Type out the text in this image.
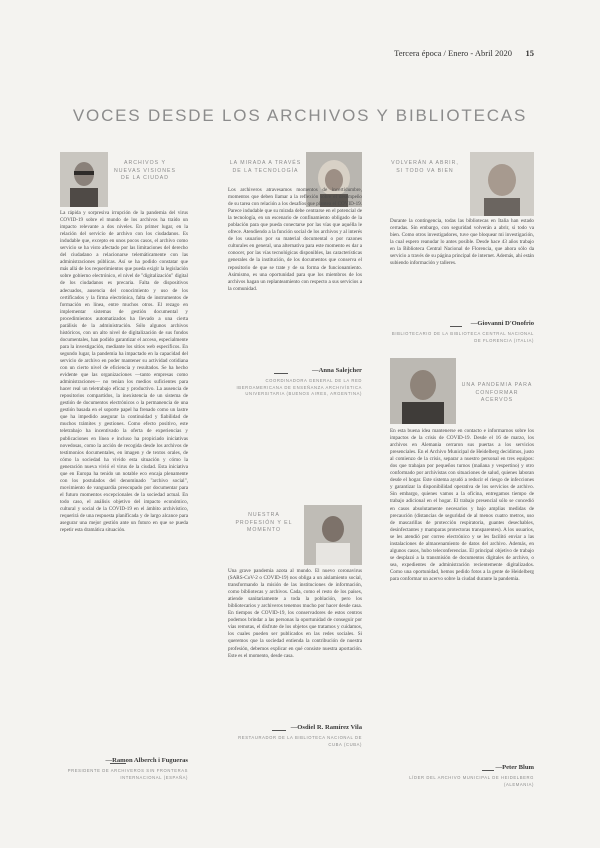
Tercera época / Enero - Abril 2020 15
VOCES DESDE LOS ARCHIVOS Y BIBLIOTECAS
ARCHIVOS Y NUEVAS VISIONES DE LA CIUDAD
La rápida y sorpresiva irrupción de la pandemia del virus COVID-19 sobre el mundo de los archivos ha traído un impacto relevante a dos niveles. En primer lugar, en la relación del servicio de archivo con los ciudadanos. Es indudable que, excepto en unos pocos casos, el archivo como servicio se ha visto afectado por las limitaciones del derecho del ciudadano a relacionarse telemáticamente con las administraciones públicas. Así se ha podido constatar que más allá de los requerimientos que pueda exigir la legislación sobre gobierno electrónico, el nivel de "digitalización" digital de los ciudadanos es precaria. Falta de dispositivos adecuados, ausencia del conocimiento y uso de los certificados y la firma electrónica, falta de instrumentos de formación en línea, entre muchos otros. El rezago en implementar sistemas de gestión documental y procedimientos automatizados ha llevado a una cierta parálisis de la administración. Sólo algunos archivos históricos, con un alto nivel de digitalización de sus fondos documentales, han podido garantizar el acceso, especialmente para la investigación, mediante los sitios web específicos. En segundo lugar, la pandemia ha impactado en la capacidad del servicio de archivo en poder mantener su actividad cotidiana con un cierto nivel de eficiencia y resultados. Se ha hecho evidente que las organizaciones —tanto empresas como administraciones— no tenían los medios suficientes para hacer real un teletrabajo eficaz y productivo. La ausencia de repositorios compartidos, la inexistencia de un sistema de gestión de documentos electrónicos o la permanencia de una gestión basada en el soporte papel ha frenado como un lastre que ha impedido asegurar la continuidad y fiabilidad de muchos trámites y gestiones. Como efecto positivo, este teletrabajo ha incentivado la oferta de experiencias y publicaciones en línea e incluso ha propiciado iniciativas novedosas, como la acción de recogida desde los archivos de testimonios documentales, en imagen y de textos orales, de cómo la sociedad ha vivido esta situación y cómo la generación nueva vivió el virus de la ciudad. Esta iniciativa que en Europa ha tenido un notable eco encaja plenamente con los postulados del denominado "archivo social", movimiento de vanguardia preocupado por documentar para el futuro momentos excepcionales de la sociedad actual. En todo caso, el análisis objetivo del impacto económico, cultural y social de la COVID-19 en el ámbito archivístico, requerirá de una respuesta planificada y de largo alcance para asegurar una mejor gestión ante un futuro en que se pueda repetir esta dramática situación.
—Ramon Alberch i Fugueras
PRESIDENTE DE ARCHIVEROS SIN FRONTERAS INTERNACIONAL (ESPAÑA)
LA MIRADA A TRAVÉS DE LA TECNOLOGÍA
Los archiveros atravesamos momentos de incertidumbre, momentos que deben llamar a la reflexión sobre el desempeño de su tarea con relación a los desafíos que plantea el COVID-19. Parece indudable que su mirada debe centrarse en el potencial de la tecnología, en un escenario de confinamiento obligado de la población para que pueda conectarse por las vías que aquélla le ofrece. Atendiendo a la función social de los archivos y al interés de los usuarios por su material documental o por razones culturales en general, una alternativa para este momento es dar a conocer, por las vías tecnológicas disponibles, las características generales de la institución, de los documentos que conserva el repositorio de que se trate y de su forma de funcionamiento. Asimismo, es una oportunidad para que los miembros de los archivos hagan un replanteamiento con respecto a sus servicios a la comunidad.
—Anna Salejcher
COORDINADORA GENERAL DE LA RED IBEROAMERICANA DE ENSEÑANZA ARCHIVÍSTICA UNIVERSITARIA (BUENOS AIRES, ARGENTINA)
NUESTRA PROFESIÓN Y EL MOMENTO
Una grave pandemia azota al mundo. El nuevo coronavirus (SARS-CoV-2 o COVID-19) nos obliga a un aislamiento social, transformando la misión de las instituciones de información, como bibliotecas y archivos. Cada, como el resto de los países, atiende sanitariamente a toda la población, pero los bibliotecarios y archiveros tenemos mucho por hacer desde casa. En tiempos de COVID-19, los conservadores de estos centros podemos brindar a las personas la oportunidad de conseguir por vías remotas, el disfrute de los objetos que tratamos y cuidamos, los cuales pueden ser publicados en las redes sociales. Si queremos que la sociedad entienda la contribución de nuestra profesión, debemos explicar en qué consiste nuestra aportación. Este es el momento, desde casa.
—Osdiel R. Ramírez Vila
RESTAURADOR DE LA BIBLIOTECA NACIONAL DE CUBA (CUBA)
VOLVERÁN A ABRIR, SI TODO VA BIEN
Durante la contingencia, todas las bibliotecas en Italia han estado cerradas. Sin embargo, con seguridad volverán a abrir, si todo va bien. Como otros investigadores, tuve que bloquear mi investigación, la cual espero reanudar lo antes posible. Desde hace 43 años trabajo en la Biblioteca Central Nacional de Florencia, que ahora sólo da servicio a través de su página principal de internet. Además, ahí están subiendo información y talleres.
—Giovanni D'Onofrio
BIBLIOTECARIO DE LA BIBLIOTECA CENTRAL NACIONAL DE FLORENCIA (ITALIA)
UNA PANDEMIA PARA CONFORMAR ACERVOS
En esta buena idea mantenerse en contacto e informarnos sobre los impactos de la crisis de COVID-19. Desde el 16 de marzo, los archivos en Alemania cerraron sus puertas a los servicios presenciales. En el Archivo Municipal de Heidelberg decidimos, justo al comienzo de la crisis, separar a nuestro personal en tres equipos: dos que trabajan por pequeños turnos (mañana y vespertino) y otro conformado por archivistas con situaciones de salud, quienes laboran desde el hogar. Este sistema ayudó a reducir el riesgo de infecciones y garantizar la disponibilidad operativa de los servicios de archivo. Sin embargo, quienes vamos a la oficina, entregamos tiempo de trabajo adicional en el hogar. El trabajo presencial sólo se concedió en casos absolutamente necesarios y bajo amplias medidas de precaución (distancias de seguridad de al menos cuatro metros, uso de mascarillas de protección respiratoria, guantes desechables, desinfectantes y mamparas protectoras transparentes). A los usuarios, se les atendió por correo electrónico y se les facilitó enviar a las instalaciones de almacenamiento de datos del archivo. Además, en algunos casos, hubo teleconferencias. El principal objetivo de trabajo se desplazó a la transmisión de documentos digitales de archivo, o sea, expedientes de administración recientemente digitalizados. Como una oportunidad, hemos pedido fotos a la gente de Heidelberg para conformar un acervo sobre la ciudad durante la pandemia.
—Peter Blum
LÍDER DEL ARCHIVO MUNICIPAL DE HEIDELBERG (ALEMANIA)
